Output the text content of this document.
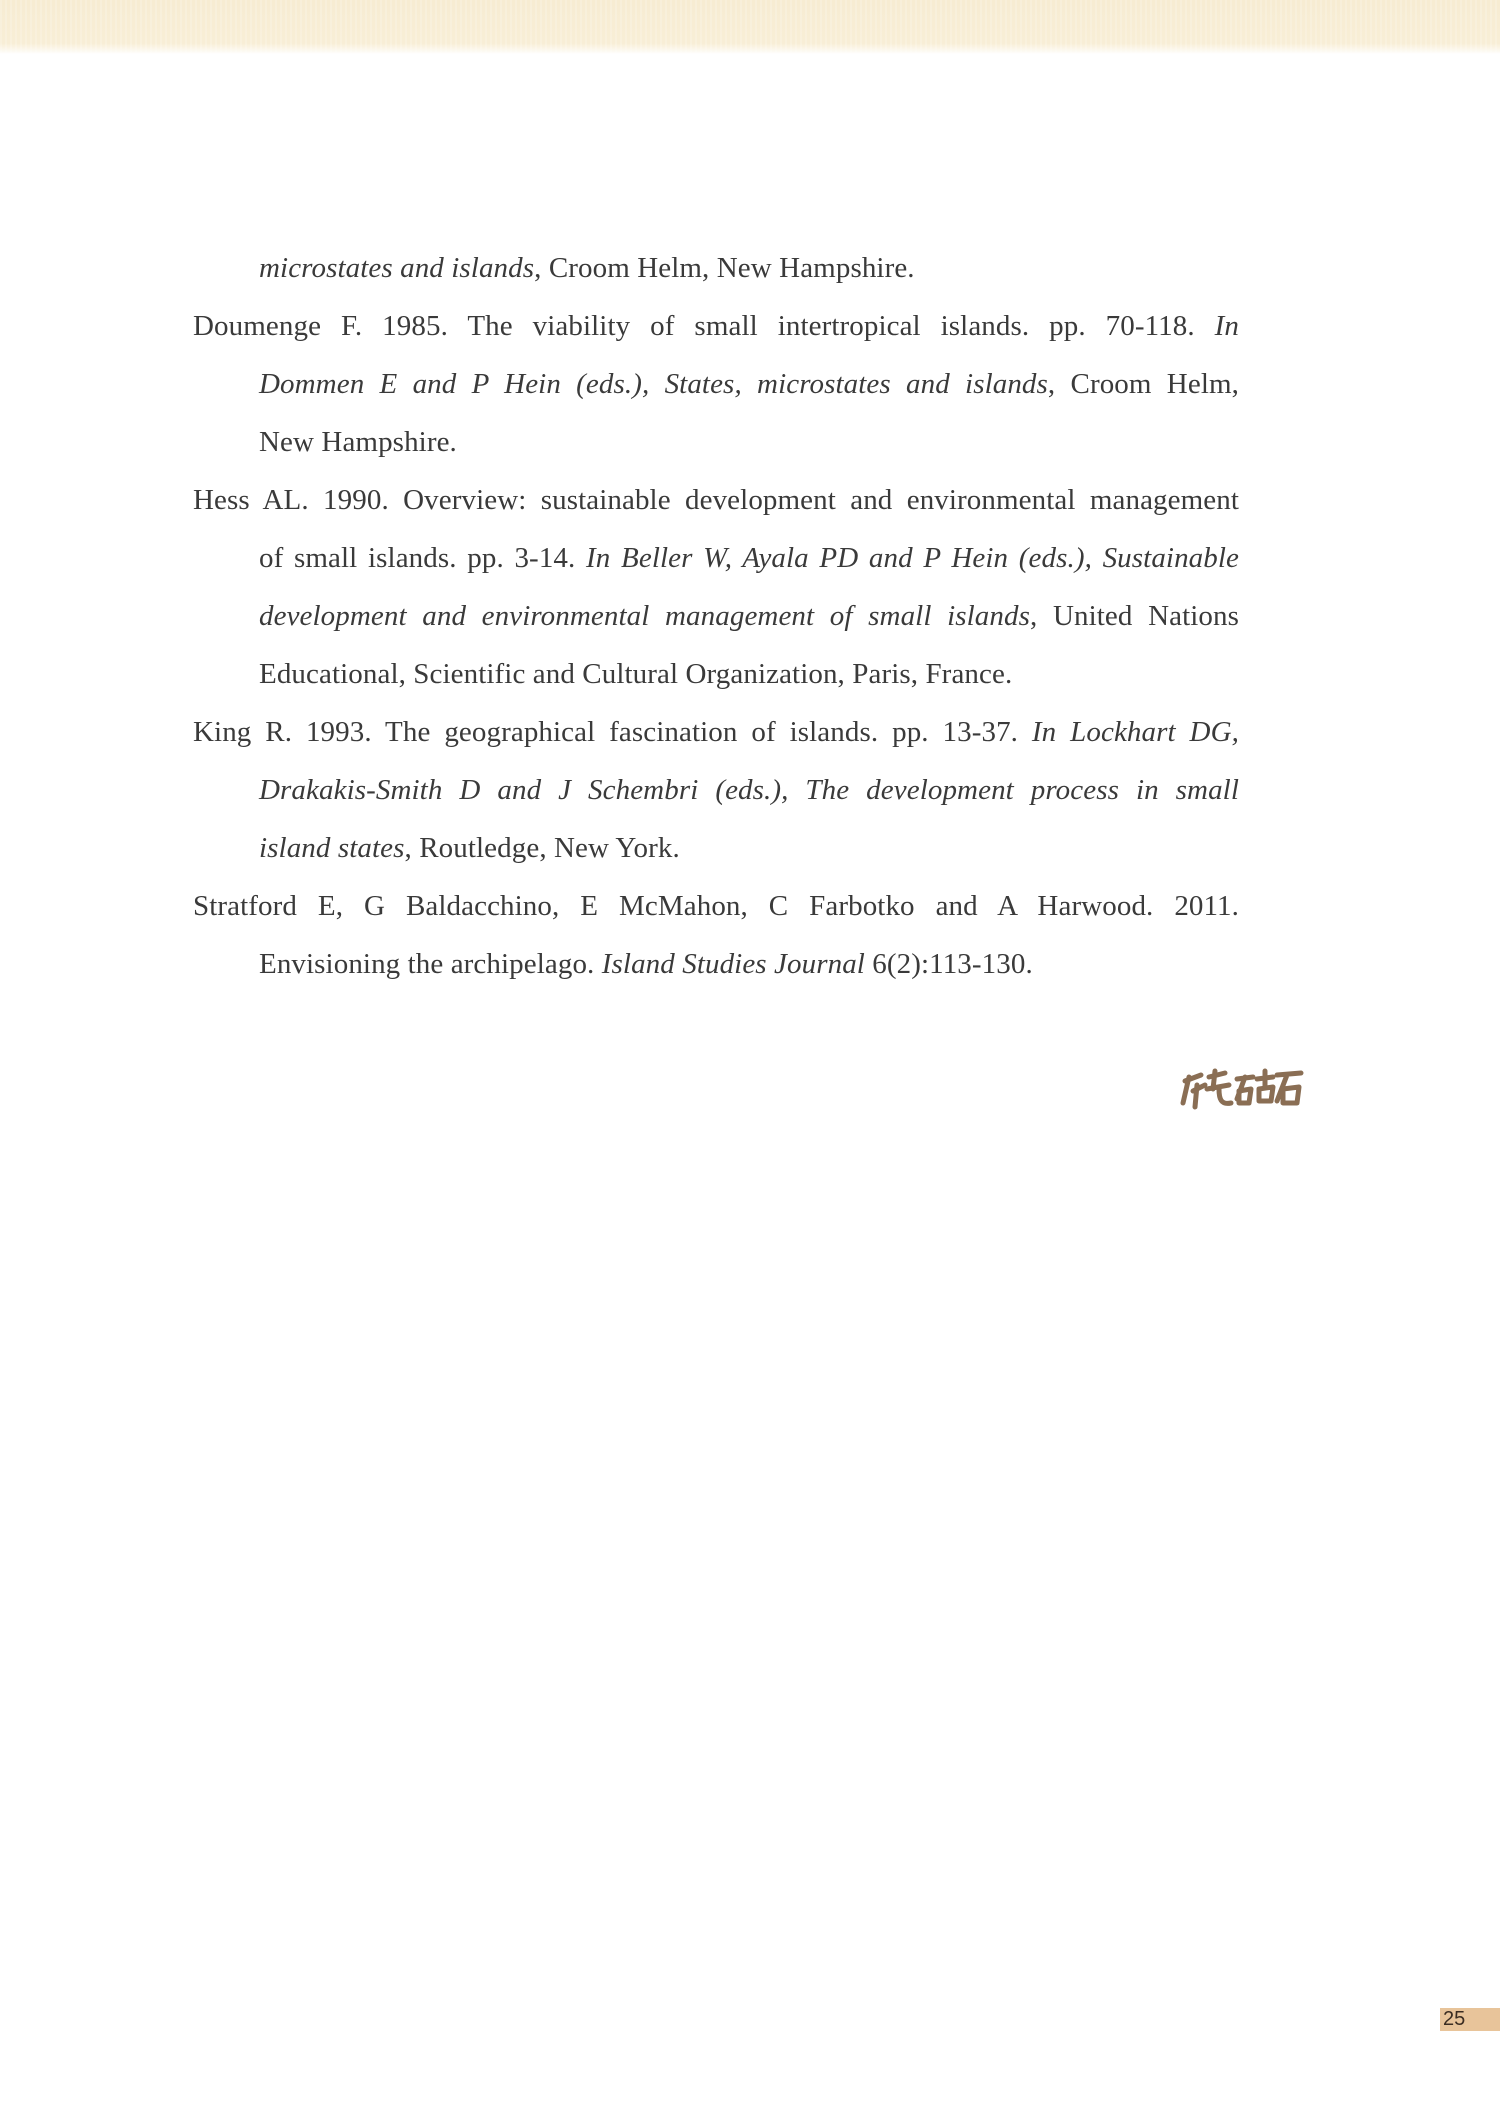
microstates and islands, Croom Helm, New Hampshire.
Doumenge F. 1985. The viability of small intertropical islands. pp. 70-118. In
Dommen E and P Hein (eds.), States, microstates and islands, Croom Helm,
New Hampshire.
Hess AL. 1990. Overview: sustainable development and environmental management
of small islands. pp. 3-14. In Beller W, Ayala PD and P Hein (eds.), Sustainable
development and environmental management of small islands, United Nations
Educational, Scientific and Cultural Organization, Paris, France.
King R. 1993. The geographical fascination of islands. pp. 13-37. In Lockhart DG,
Drakakis-Smith D and J Schembri (eds.), The development process in small
island states, Routledge, New York.
Stratford E, G Baldacchino, E McMahon, C Farbotko and A Harwood. 2011.
Envisioning the archipelago. Island Studies Journal 6(2):113-130.
25
